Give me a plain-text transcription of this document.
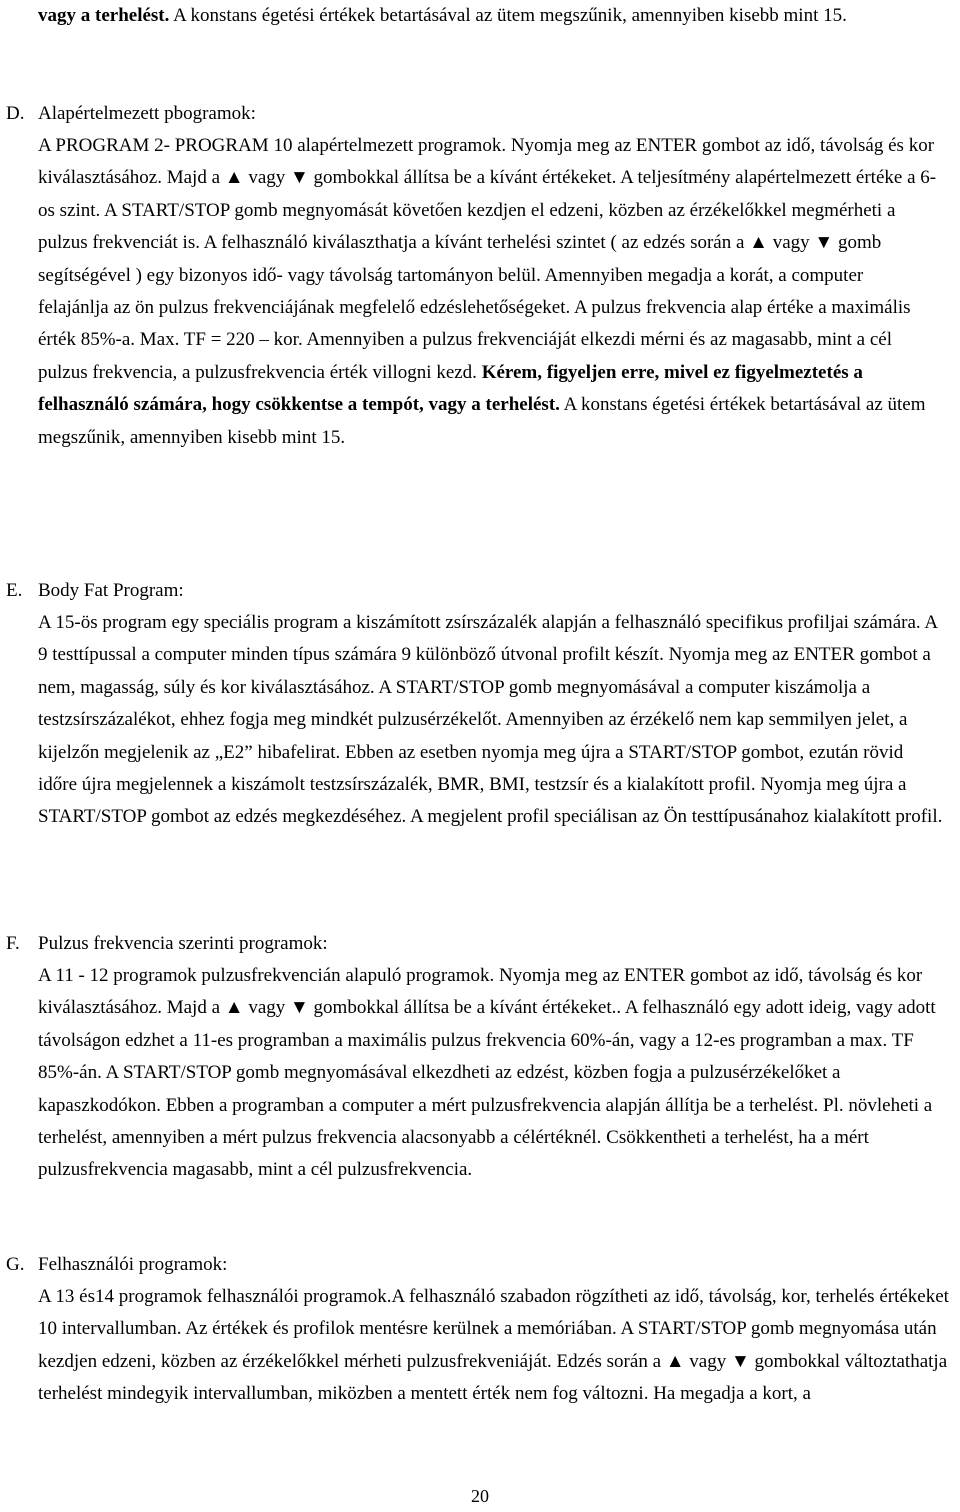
vagy a terhelést. A konstans égetési értékek betartásával az ütem megszűnik, amennyiben kisebb mint 15.

D. Alapértelmezett pbogramok:

A PROGRAM 2- PROGRAM 10 alapértelmezett programok. Nyomja meg az ENTER gombot az idő, távolság és kor kiválasztásához. Majd a ▲ vagy ▼ gombokkal állítsa be a kívánt értékeket. A teljesítmény alapértelmezett értéke a 6-os szint. A START/STOP gomb megnyomását követően kezdjen el edzeni, közben az érzékelőkkel megmérheti a pulzus frekvenciát is. A felhasználó kiválaszthatja a kívánt terhelési szintet ( az edzés során a ▲ vagy ▼ gomb segítségével ) egy bizonyos idő- vagy távolság tartományon belül. Amennyiben megadja a korát, a computer felajánlja az ön pulzus frekvenciájának megfelelő edzéslehetőségeket. A pulzus frekvencia alap értéke a maximális érték 85%-a. Max. TF = 220 – kor. Amennyiben a pulzus frekvenciáját elkezdi mérni és az magasabb, mint a cél pulzus frekvencia, a pulzusfrekvencia érték villogni kezd. Kérem, figyeljen erre, mivel ez figyelmeztetés a felhasználó számára, hogy csökkentse a tempót, vagy a terhelést. A konstans égetési értékek betartásával az ütem megszűnik, amennyiben kisebb mint 15.

E. Body Fat Program:

A 15-ös program egy speciális program a kiszámított zsírszázalék alapján a felhasználó specifikus profiljai számára. A 9 testtípussal a computer minden típus számára 9 különböző útvonal profilt készít. Nyomja meg az ENTER gombot a nem, magasság, súly és kor kiválasztásához. A START/STOP gomb megnyomásával a computer kiszámolja a testzsírszázalékot, ehhez fogja meg mindkét pulzusérzékelőt. Amennyiben az érzékelő nem kap semmilyen jelet, a kijelzőn megjelenik az „E2” hibafelirat. Ebben az esetben nyomja meg újra a START/STOP gombot, ezután rövid időre újra megjelennek a kiszámolt testzsírszázalék, BMR, BMI, testzsír és a kialakított profil. Nyomja meg újra a START/STOP gombot az edzés megkezdéséhez. A megjelent profil speciálisan az Ön testtípusánahoz kialakított profil.

F. Pulzus frekvencia szerinti programok:

A 11 - 12 programok pulzusfrekvencián alapuló programok. Nyomja meg az ENTER gombot az idő, távolság és kor kiválasztásához. Majd a ▲ vagy ▼ gombokkal állítsa be a kívánt értékeket.. A felhasználó egy adott ideig, vagy adott távolságon edzhet a 11-es programban a maximális pulzus frekvencia 60%-án, vagy a 12-es programban a max. TF 85%-án. A START/STOP gomb megnyomásával elkezdheti az edzést, közben fogja a pulzusérzékelőket a kapaszkodókon. Ebben a programban a computer a mért pulzusfrekvencia alapján állítja be a terhelést. Pl. növleheti a terhelést, amennyiben a mért pulzus frekvencia alacsonyabb a célértéknél. Csökkentheti a terhelést, ha a mért pulzusfrekvencia magasabb, mint a cél pulzusfrekvencia.

G. Felhasználói programok:

A 13 és14 programok felhasználói programok.A felhasználó szabadon rögzítheti az idő, távolság, kor, terhelés értékeket 10 intervallumban. Az értékek és profilok mentésre kerülnek a memóriában. A START/STOP gomb megnyomása után kezdjen edzeni, közben az érzékelőkkel mérheti pulzusfrekveniáját. Edzés során a ▲ vagy ▼ gombokkal változtathatja terhelést mindegyik intervallumban, miközben a mentett érték nem fog változni. Ha megadja a kort, a

20
